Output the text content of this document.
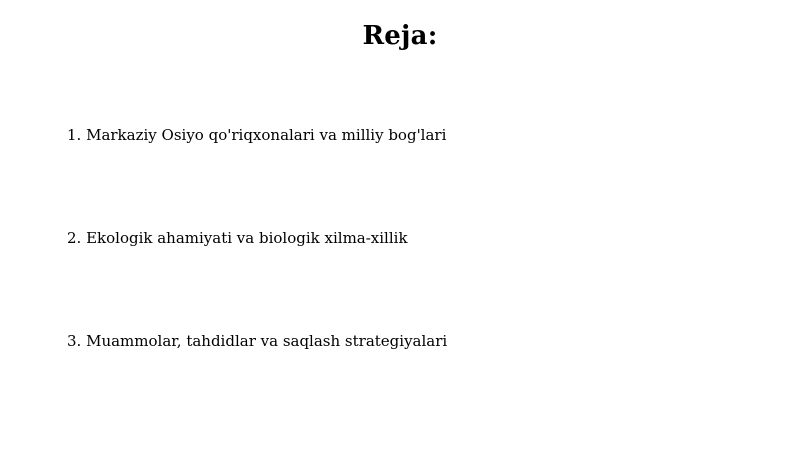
Reja:
1. Markaziy Osiyo qo'riqxonalari va milliy bog'lari
2. Ekologik ahamiyati va biologik xilma-xillik
3. Muammolar, tahdidlar va saqlash strategiyalari
